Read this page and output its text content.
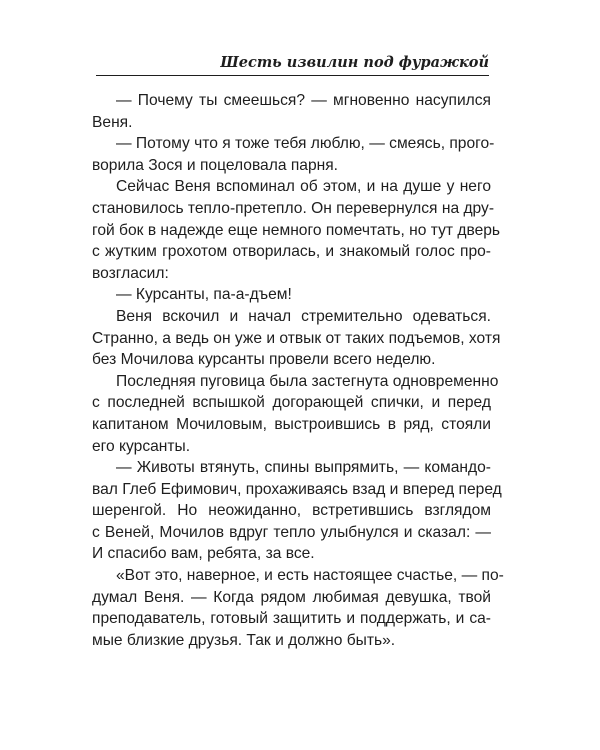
Шесть извилин под фуражкой
— Почему ты смеешься? — мгновенно насупился
Веня.
— Потому что я тоже тебя люблю, — смеясь, прого-
ворила Зося и поцеловала парня.
Сейчас Веня вспоминал об этом, и на душе у него
становилось тепло-претепло. Он перевернулся на дру-
гой бок в надежде еще немного помечтать, но тут дверь
с жутким грохотом отворилась, и знакомый голос про-
возгласил:
— Курсанты, па-а-дъем!
Веня вскочил и начал стремительно одеваться.
Странно, а ведь он уже и отвык от таких подъемов, хотя
без Мочилова курсанты провели всего неделю.
Последняя пуговица была застегнута одновременно
с последней вспышкой догорающей спички, и перед
капитаном Мочиловым, выстроившись в ряд, стояли
его курсанты.
— Животы втянуть, спины выпрямить, — командо-
вал Глеб Ефимович, прохаживаясь взад и вперед перед
шеренгой. Но неожиданно, встретившись взглядом
с Веней, Мочилов вдруг тепло улыбнулся и сказал: —
И спасибо вам, ребята, за все.
«Вот это, наверное, и есть настоящее счастье, — по-
думал Веня. — Когда рядом любимая девушка, твой
преподаватель, готовый защитить и поддержать, и са-
мые близкие друзья. Так и должно быть».
